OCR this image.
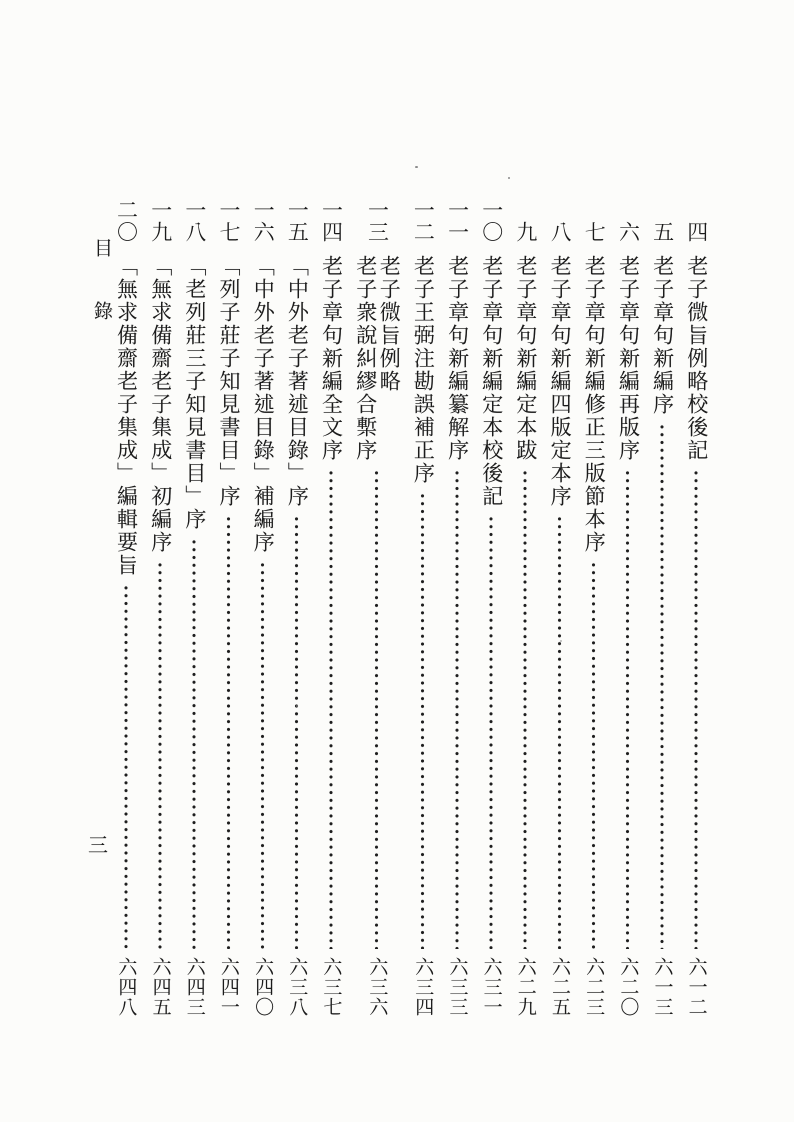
目錄
三
四
老子微旨例略校後記
六一二
五
老子章句新編序
六一三
六
老子章句新編再版序
六二〇
七
老子章句新編修正三版節本序
六二三
八
老子章句新編四版定本序
六二五
九
老子章句新編定本跋
六二九
一〇
老子章句新編定本校後記
六三一
一一
老子章句新編纂解序
六三三
一二
老子王弼注勘誤補正序
六三四
一三
老子微旨例略
老子衆說糾繆合槧序
六三六
一四
老子章句新編全文序
六三七
一五
「中外老子著述目錄」序
六三八
一六
「中外老子著述目錄」補編序
六四〇
一七
「列子莊子知見書目」序
六四一
一八
「老列莊三子知見書目」序
六四三
一九
「無求備齋老子集成」初編序
六四五
二〇
「無求備齋老子集成」編輯要旨
六四八
